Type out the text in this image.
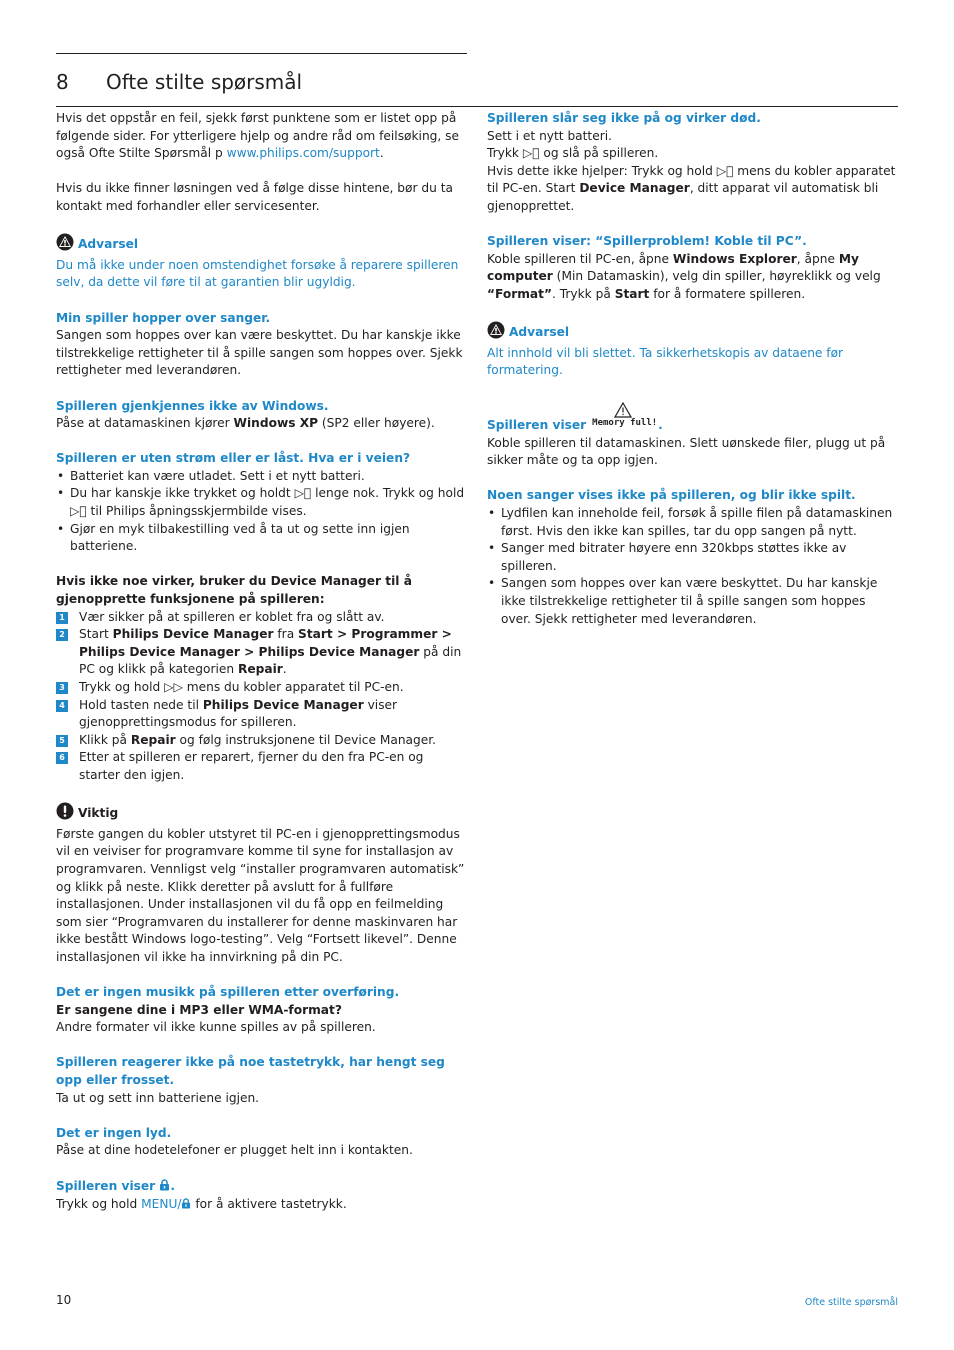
8 Ofte stilte spørsmål

Hvis det oppstår en feil, sjekk først punktene som er listet opp på følgende sider. For ytterligere hjelp og andre råd om feilsøking, se også Ofte Stilte Spørsmål p www.philips.com/support.

Hvis du ikke finner løsningen ved å følge disse hintene, bør du ta kontakt med forhandler eller servicesenter.

Advarsel

Du må ikke under noen omstendighet forsøke å reparere spilleren selv, da dette vil føre til at garantien blir ugyldig.

Min spiller hopper over sanger.

Sangen som hoppes over kan være beskyttet. Du har kanskje ikke tilstrekkelige rettigheter til å spille sangen som hoppes over. Sjekk rettigheter med leverandøren.

Spilleren gjenkjennes ikke av Windows.

Påse at datamaskinen kjører Windows XP (SP2 eller høyere).

Spilleren er uten strøm eller er låst. Hva er i veien?

• Batteriet kan være utladet. Sett i et nytt batteri.
• Du har kanskje ikke trykket og holdt ▷⃦ lenge nok. Trykk og hold ▷⃦ til Philips åpningsskjermbilde vises.
• Gjør en myk tilbakestilling ved å ta ut og sette inn igjen batteriene.

Hvis ikke noe virker, bruker du Device Manager til å gjenopprette funksjonene på spilleren:

1 Vær sikker på at spilleren er koblet fra og slått av.
2 Start Philips Device Manager fra Start > Programmer > Philips Device Manager > Philips Device Manager på din PC og klikk på kategorien Repair.
3 Trykk og hold ▷▷ mens du kobler apparatet til PC-en.
4 Hold tasten nede til Philips Device Manager viser gjenopprettingsmodus for spilleren.
5 Klikk på Repair og følg instruksjonene til Device Manager.
6 Etter at spilleren er reparert, fjerner du den fra PC-en og starter den igjen.

Viktig

Første gangen du kobler utstyret til PC-en i gjenopprettingsmodus vil en veiviser for programvare komme til syne for installasjon av programvaren. Vennligst velg “installer programvaren automatisk” og klikk på neste. Klikk deretter på avslutt for å fullføre installasjonen. Under installasjonen vil du få opp en feilmelding som sier “Programvaren du installerer for denne maskinvaren har ikke bestått Windows logo-testing”. Velg “Fortsett likevel”. Denne installasjonen vil ikke ha innvirkning på din PC.

Det er ingen musikk på spilleren etter overføring.

Er sangene dine i MP3 eller WMA-format?

Andre formater vil ikke kunne spilles av på spilleren.

Spilleren reagerer ikke på noe tastetrykk, har hengt seg opp eller frosset.

Ta ut og sett inn batteriene igjen.

Det er ingen lyd.

Påse at dine hodetelefoner er plugget helt inn i kontakten.

Spilleren viser .

Trykk og hold MENU/ for å aktivere tastetrykk.

Spilleren slår seg ikke på og virker død.

Sett i et nytt batteri.

Trykk ▷⃦ og slå på spilleren.

Hvis dette ikke hjelper: Trykk og hold ▷⃦ mens du kobler apparatet til PC-en. Start Device Manager, ditt apparat vil automatisk bli gjenopprettet.

Spilleren viser: “Spillerproblem! Koble til PC”.

Koble spilleren til PC-en, åpne Windows Explorer, åpne My computer (Min Datamaskin), velg din spiller, høyreklikk og velg “Format”. Trykk på Start for å formatere spilleren.

Advarsel

Alt innhold vil bli slettet. Ta sikkerhetskopis av dataene før formatering.

Spilleren viser Memory full! .

Koble spilleren til datamaskinen. Slett uønskede filer, plugg ut på sikker måte og ta opp igjen.

Noen sanger vises ikke på spilleren, og blir ikke spilt.

• Lydfilen kan inneholde feil, forsøk å spille filen på datamaskinen først. Hvis den ikke kan spilles, tar du opp sangen på nytt.
• Sanger med bitrater høyere enn 320kbps støttes ikke av spilleren.
• Sangen som hoppes over kan være beskyttet. Du har kanskje ikke tilstrekkelige rettigheter til å spille sangen som hoppes over. Sjekk rettigheter med leverandøren.
10	Ofte stilte spørsmål
